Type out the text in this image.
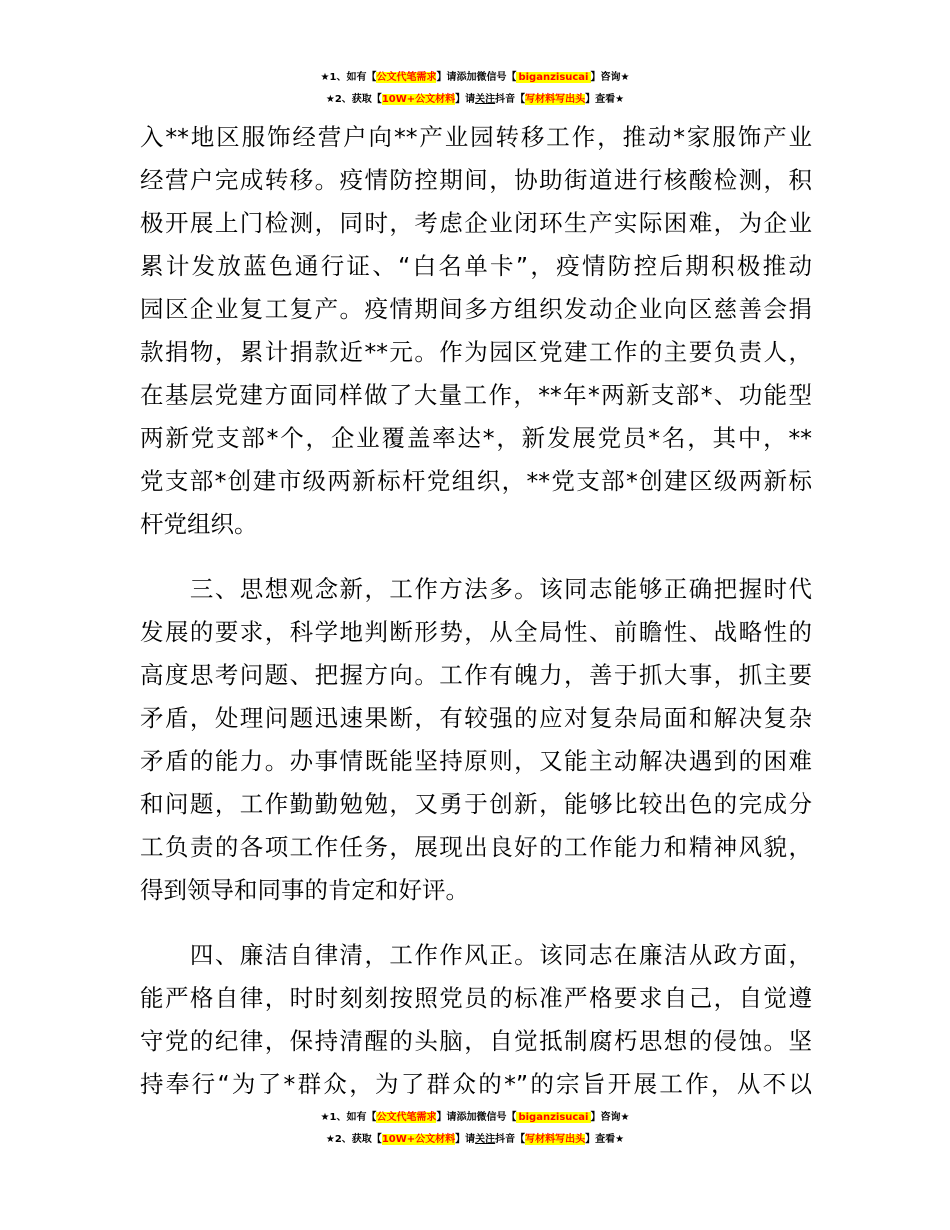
★1、如有【公文代笔需求】请添加微信号【 biganzisucai 】咨询★
★2、获取【10W+公文材料】请关注抖音【写材料写出头】查看★
入**地区服饰经营户向**产业园转移工作，推动*家服饰产业
经营户完成转移。疫情防控期间，协助街道进行核酸检测，积
极开展上门检测，同时，考虑企业闭环生产实际困难，为企业
累计发放蓝色通行证、“白名单卡”，疫情防控后期积极推动
园区企业复工复产。疫情期间多方组织发动企业向区慈善会捐
款捐物，累计捐款近**元。作为园区党建工作的主要负责人，
在基层党建方面同样做了大量工作，**年*两新支部*、功能型
两新党支部*个，企业覆盖率达*，新发展党员*名，其中，**
党支部*创建市级两新标杆党组织，**党支部*创建区级两新标
杆党组织。
　　三、思想观念新，工作方法多。该同志能够正确把握时代
发展的要求，科学地判断形势，从全局性、前瞻性、战略性的
高度思考问题、把握方向。工作有魄力，善于抓大事，抓主要
矛盾，处理问题迅速果断，有较强的应对复杂局面和解决复杂
矛盾的能力。办事情既能坚持原则，又能主动解决遇到的困难
和问题，工作勤勤勉勉，又勇于创新，能够比较出色的完成分
工负责的各项工作任务，展现出良好的工作能力和精神风貌，
得到领导和同事的肯定和好评。
　　四、廉洁自律清，工作作风正。该同志在廉洁从政方面，
能严格自律，时时刻刻按照党员的标准严格要求自己，自觉遵
守党的纪律，保持清醒的头脑，自觉抵制腐朽思想的侵蚀。坚
持奉行“为了*群众，为了群众的*”的宗旨开展工作，从不以
★1、如有【公文代笔需求】请添加微信号【 biganzisucai 】咨询★
★2、获取【10W+公文材料】请关注抖音【写材料写出头】查看★
